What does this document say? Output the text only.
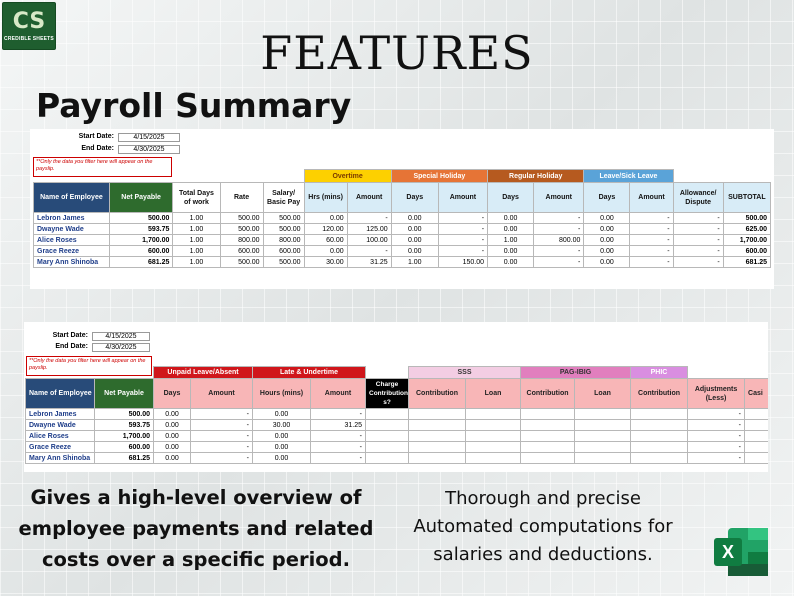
CS
CREDIBLE SHEETS	FEATURES
Payroll Summary
Start Date:	4/15/2025
End Date:	4/30/2025
**Only the data you filter here will appear on the payslip.
					Overtime		Special Holiday		Regular Holiday		Leave/Sick Leave			
Name of Employee	Net Payable	Total Days of work	Rate	Salary/ Basic Pay	Hrs (mins)	Amount	Days	Amount	Days	Amount	Days	Amount	Allowance/ Dispute	SUBTOTAL
Lebron James	500.00	1.00	500.00	500.00	0.00	-	0.00	-	0.00	-	0.00	-	-	500.00
Dwayne Wade	593.75	1.00	500.00	500.00	120.00	125.00	0.00	-	0.00	-	0.00	-	-	625.00
Alice Roses	1,700.00	1.00	800.00	800.00	60.00	100.00	0.00	-	1.00	800.00	0.00	-	-	1,700.00
Grace Reeze	600.00	1.00	600.00	600.00	0.00	-	0.00	-	0.00	-	0.00	-	-	600.00
Mary Ann Shinoba	681.25	1.00	500.00	500.00	30.00	31.25	1.00	150.00	0.00	-	0.00	-	-	681.25

Start Date:	4/15/2025
End Date:	4/30/2025
**Only the data you filter here will appear on the payslip.
		Unpaid Leave/Absent		Late & Undertime			SSS		PAG-IBIG		PHIC		
Name of Employee	Net Payable	Days	Amount	Hours (mins)	Amount	Charge Contribution s?	Contribution	Loan	Contribution	Loan	Contribution	Adjustments (Less)	Casi
Lebron James	500.00	0.00	-	0.00	-							-	
Dwayne Wade	593.75	0.00	-	30.00	31.25							-	
Alice Roses	1,700.00	0.00	-	0.00	-							-	
Grace Reeze	600.00	0.00	-	0.00	-							-	
Mary Ann Shinoba	681.25	0.00	-	0.00	-							-	
Gives a high-level overview of
employee payments and related
costs over a specific period.
Thorough and precise
Automated computations for
salaries and deductions.	X
